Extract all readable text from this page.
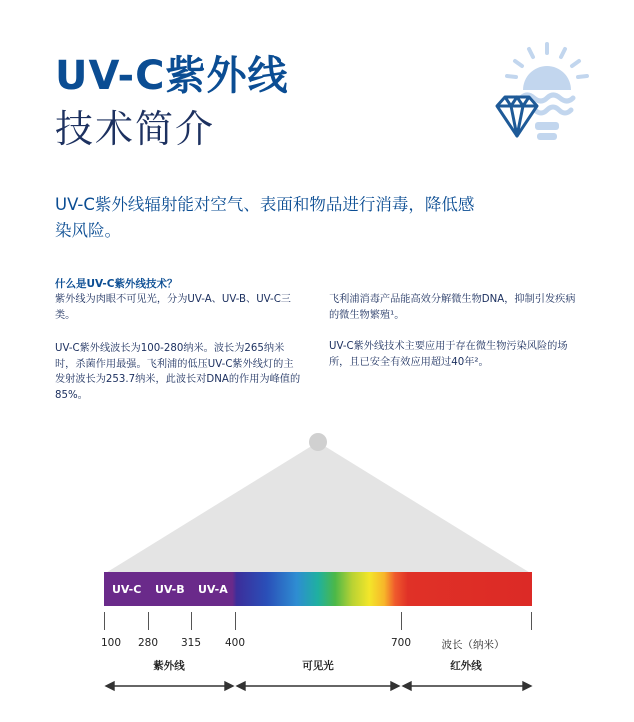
UV-C紫外线
技术简介
UV-C紫外线辐射能对空气、表面和物品进行消毒，降低感染风险。
什么是UV-C紫外线技术？
紫外线为肉眼不可见光，分为UV-A、UV-B、UV-C三类。
UV-C紫外线波长为100-280纳米。波长为265纳米时，杀菌作用最强。飞利浦的低压UV-C紫外线灯的主发射波长为253.7纳米，此波长对DNA的作用为峰值的85%。
飞利浦消毒产品能高效分解微生物DNA，抑制引发疾病的微生物繁殖¹。
UV-C紫外线技术主要应用于存在微生物污染风险的场所，且已安全有效应用超过40年²。
UV-C UV-B UV-A
100 280 315 400	700	波长（纳米）
紫外线	可见光	红外线
